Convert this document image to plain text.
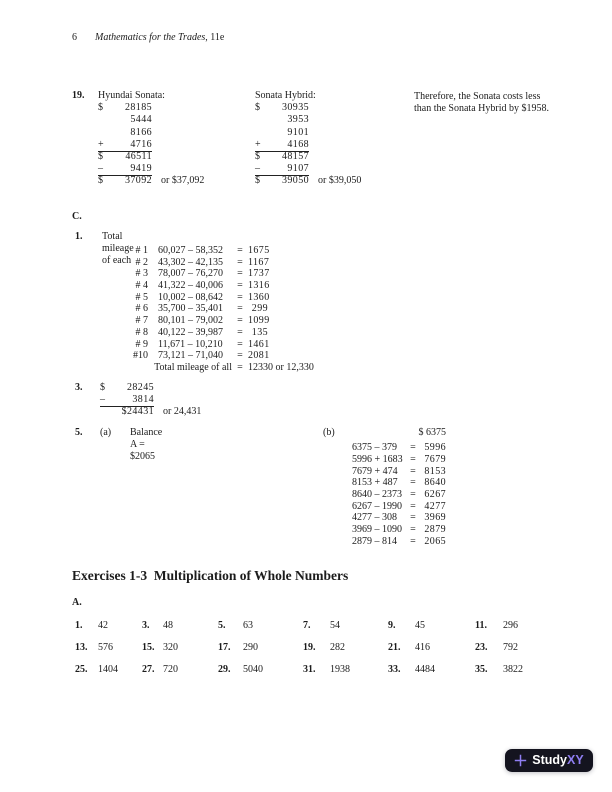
6 Mathematics for the Trades, 11e
19. Hyundai Sonata:
$ 28185
5444
8166
+	4716
$ 46511
–	9419
$ 37092 or $37,092
Sonata Hybrid:
$ 30935
3953
9101
+	4168
$ 48157
–	9107
$ 39050 or $39,050
Therefore, the Sonata costs less than the Sonata Hybrid by $1958.
C.
1. Total mileage of each
# 1 60,027 – 58,352	= 1675
# 2 43,302 – 42,135	= 1167
# 3 78,007 – 76,270	= 1737
# 4 41,322 – 40,006	= 1316
# 5 10,002 – 08,642	= 1360
# 6 35,700 – 35,401	= 299
# 7 80,101 – 79,002	= 1099
# 8 40,122 – 39,987	= 135
# 9 11,671 – 10,210	= 1461
#10 73,121 – 71,040	= 2081
Total mileage of all = 12330 or 12,330
3. $ 28245
–	3814
$24431 or 24,431
5. (a) Balance A = $2065
(b)	$ 6375
6375 – 379	= 5996
5996 + 1683 = 7679
7679 + 474	= 8153
8153 + 487	= 8640
8640 – 2373 = 6267
6267 – 1990 = 4277
4277 – 308	= 3969
3969 – 1090 = 2879
2879 – 814	= 2065
Exercises 1-3  Multiplication of Whole Numbers
A.
1.	42	3.	48	5.	63	7.	54	9.	45	11.	296
13.	576	15. 320	17.	290	19.	282	21.	416	23.	792
25.	1404	27. 720	29.	5040	31.	1938	33.	4484	35.	3822
StudyXY
